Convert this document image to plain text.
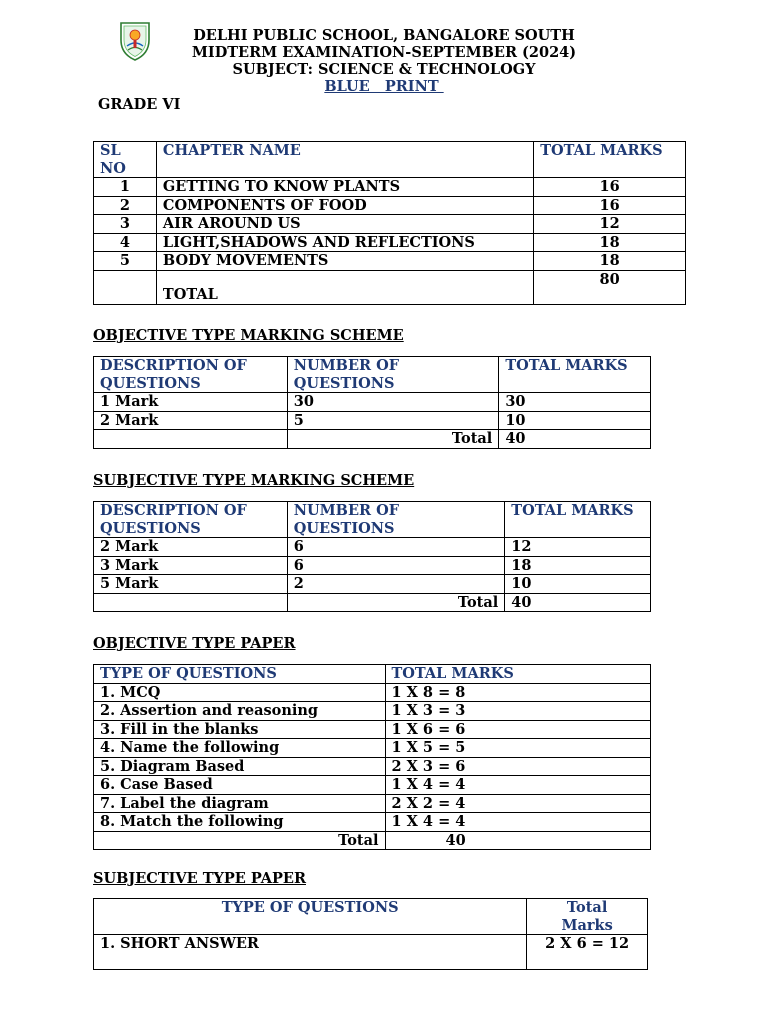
DELHI PUBLIC SCHOOL, BANGALORE SOUTH
MIDTERM EXAMINATION-SEPTEMBER (2024)
SUBJECT: SCIENCE & TECHNOLOGY
BLUE   PRINT
GRADE VI
SL NO	CHAPTER NAME	TOTAL MARKS
1	GETTING TO KNOW PLANTS	16
2	COMPONENTS OF FOOD	16
3	AIR AROUND US	12
4	LIGHT,SHADOWS AND REFLECTIONS	18
5	BODY MOVEMENTS	18
	TOTAL	80
OBJECTIVE TYPE MARKING SCHEME
DESCRIPTION OF QUESTIONS	NUMBER OF QUESTIONS	TOTAL MARKS
1 Mark	30	30
2 Mark	5	10
	Total	40
SUBJECTIVE TYPE MARKING SCHEME
DESCRIPTION OF QUESTIONS	NUMBER OF QUESTIONS	TOTAL MARKS
2 Mark	6	12
3 Mark	6	18
5 Mark	2	10
	Total	40
OBJECTIVE TYPE PAPER
TYPE OF QUESTIONS	TOTAL MARKS
1. MCQ	1 X 8 = 8
2. Assertion and reasoning	1 X 3 = 3
3. Fill in the blanks	1 X 6 = 6
4. Name the following	1 X 5 = 5
5. Diagram Based	2 X 3 = 6
6. Case Based	1 X 4 = 4
7. Label the diagram	2 X 2 = 4
8. Match the following	1 X 4 = 4
Total	40
SUBJECTIVE TYPE PAPER
TYPE OF QUESTIONS	Total Marks
1. SHORT ANSWER	2 X 6 = 12
